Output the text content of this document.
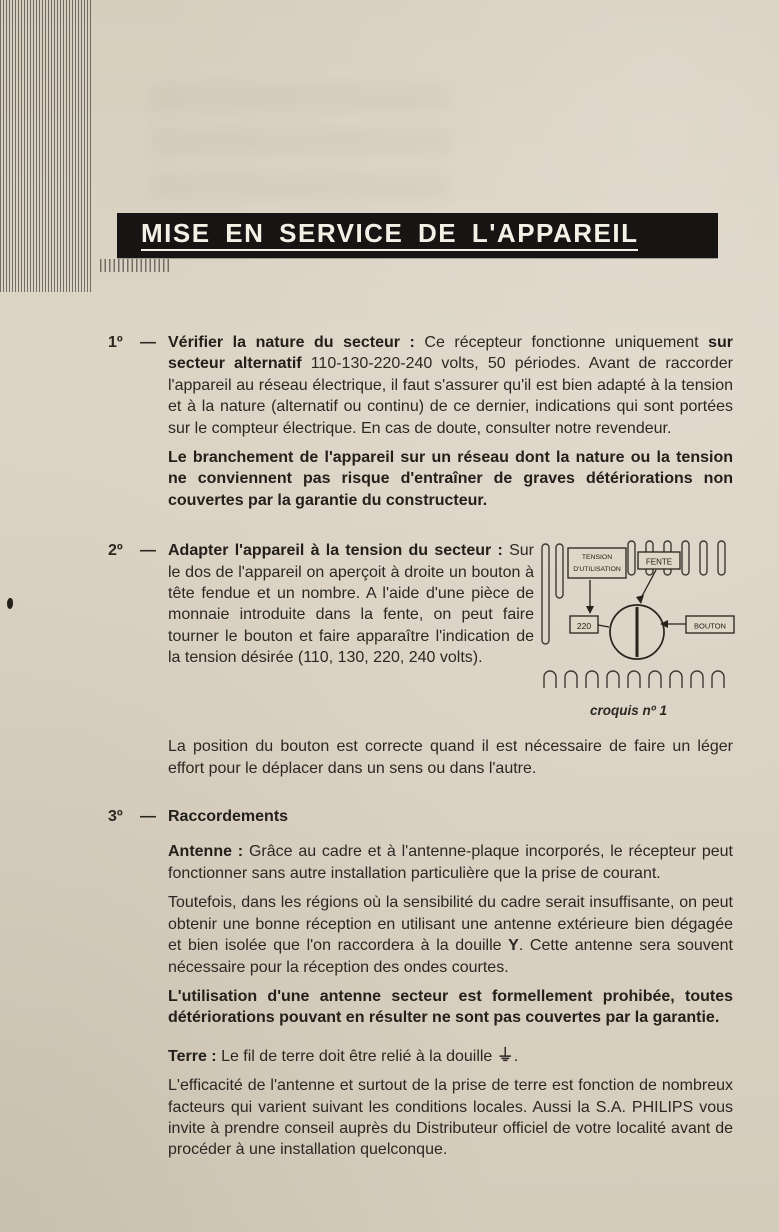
MISE EN SERVICE DE L'APPAREIL
1º	— Vérifier la nature du secteur : Ce récepteur fonctionne uniquement sur secteur alternatif 110-130-220-240 volts, 50 périodes. Avant de raccorder l'appareil au réseau électrique, il faut s'assurer qu'il est bien adapté à la tension et à la nature (alternatif ou continu) de ce dernier, indications qui sont portées sur le compteur électrique. En cas de doute, consulter notre revendeur.

Le branchement de l'appareil sur un réseau dont la nature ou la tension ne conviennent pas risque d'entraîner de graves détériorations non couvertes par la garantie du constructeur.

2º	— Adapter l'appareil à la tension du secteur : Sur le dos de l'appareil on aperçoit à droite un bouton à tête fendue et un nombre. A l'aide d'une pièce de monnaie introduite dans la fente, on peut faire tourner le bouton et faire apparaître l'indication de la tension désirée (110, 130, 220, 240 volts).

TENSION
D'UTILISATION
FENTE
BOUTON
220
croquis nº 1

La position du bouton est correcte quand il est nécessaire de faire un léger effort pour le déplacer dans un sens ou dans l'autre.

3º	— Raccordements

Antenne : Grâce au cadre et à l'antenne-plaque incorporés, le récepteur peut fonctionner sans autre installation particulière que la prise de courant.

Toutefois, dans les régions où la sensibilité du cadre serait insuffisante, on peut obtenir une bonne réception en utilisant une antenne extérieure bien dégagée et bien isolée que l'on raccordera à la douille Y. Cette antenne sera souvent nécessaire pour la réception des ondes courtes.

L'utilisation d'une antenne secteur est formellement prohibée, toutes détériorations pouvant en résulter ne sont pas couvertes par la garantie.

Terre : Le fil de terre doit être relié à la douille ⏚.

L'efficacité de l'antenne et surtout de la prise de terre est fonction de nombreux facteurs qui varient suivant les conditions locales. Aussi la S.A. PHILIPS vous invite à prendre conseil auprès du Distributeur officiel de votre localité avant de procéder à une installation quelconque.
